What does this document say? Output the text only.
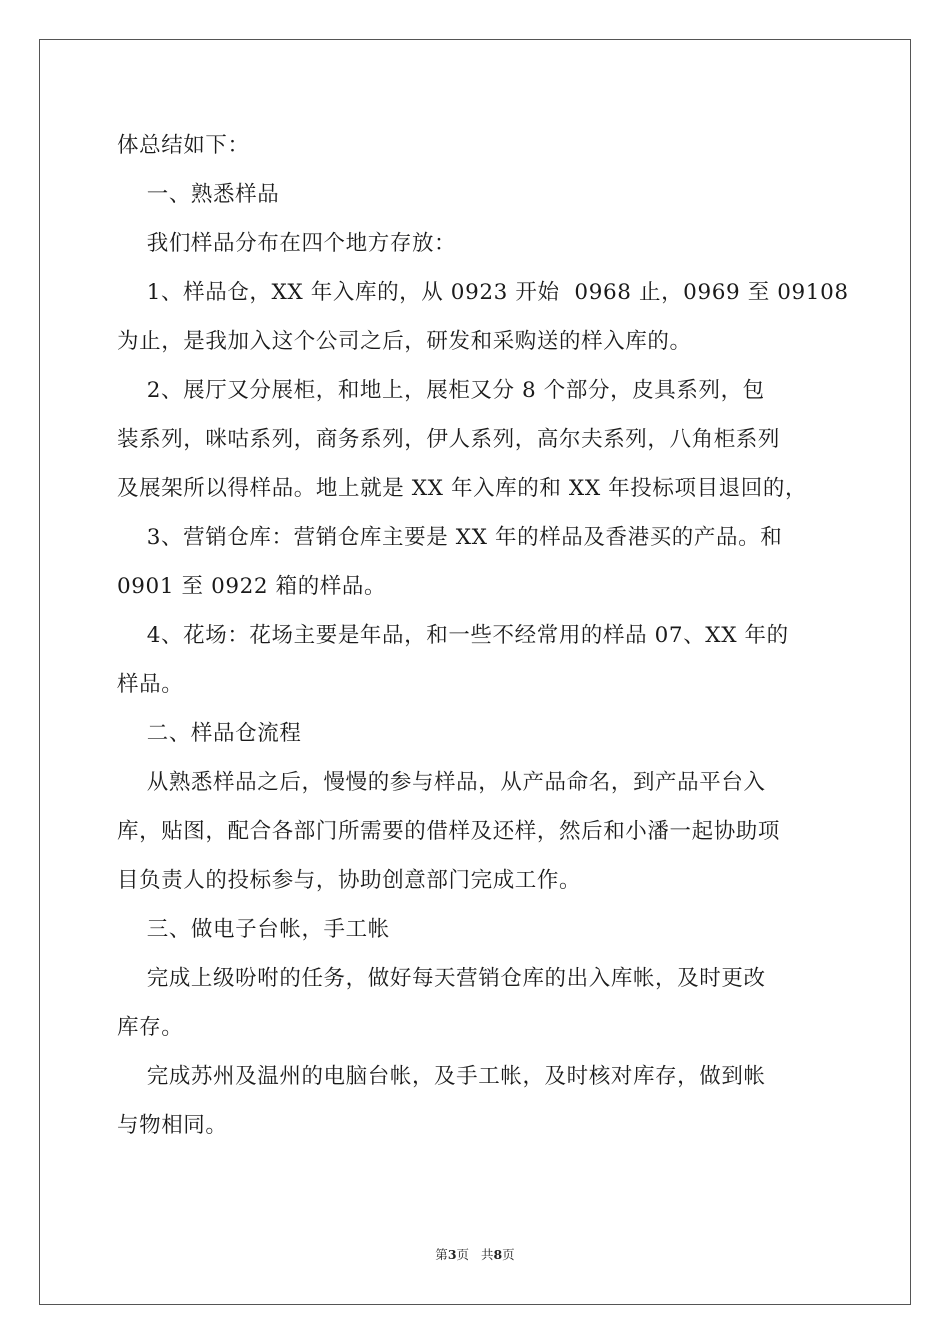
体总结如下：
一、熟悉样品
我们样品分布在四个地方存放：
1、样品仓，XX 年入库的，从 0923 开始  0968 止，0969 至 09108
为止，是我加入这个公司之后，研发和采购送的样入库的。
2、展厅又分展柜，和地上，展柜又分 8 个部分，皮具系列，包
装系列，咪咕系列，商务系列，伊人系列，高尔夫系列，八角柜系列
及展架所以得样品。地上就是 XX 年入库的和 XX 年投标项目退回的，
3、营销仓库：营销仓库主要是 XX 年的样品及香港买的产品。和
0901 至 0922 箱的样品。
4、花场：花场主要是年品，和一些不经常用的样品 07、XX 年的
样品。
二、样品仓流程
从熟悉样品之后，慢慢的参与样品，从产品命名，到产品平台入
库，贴图，配合各部门所需要的借样及还样，然后和小潘一起协助项
目负责人的投标参与，协助创意部门完成工作。
三、做电子台帐，手工帐
完成上级吩咐的任务，做好每天营销仓库的出入库帐，及时更改
库存。
完成苏州及温州的电脑台帐，及手工帐，及时核对库存，做到帐
与物相同。
第3页 共8页
